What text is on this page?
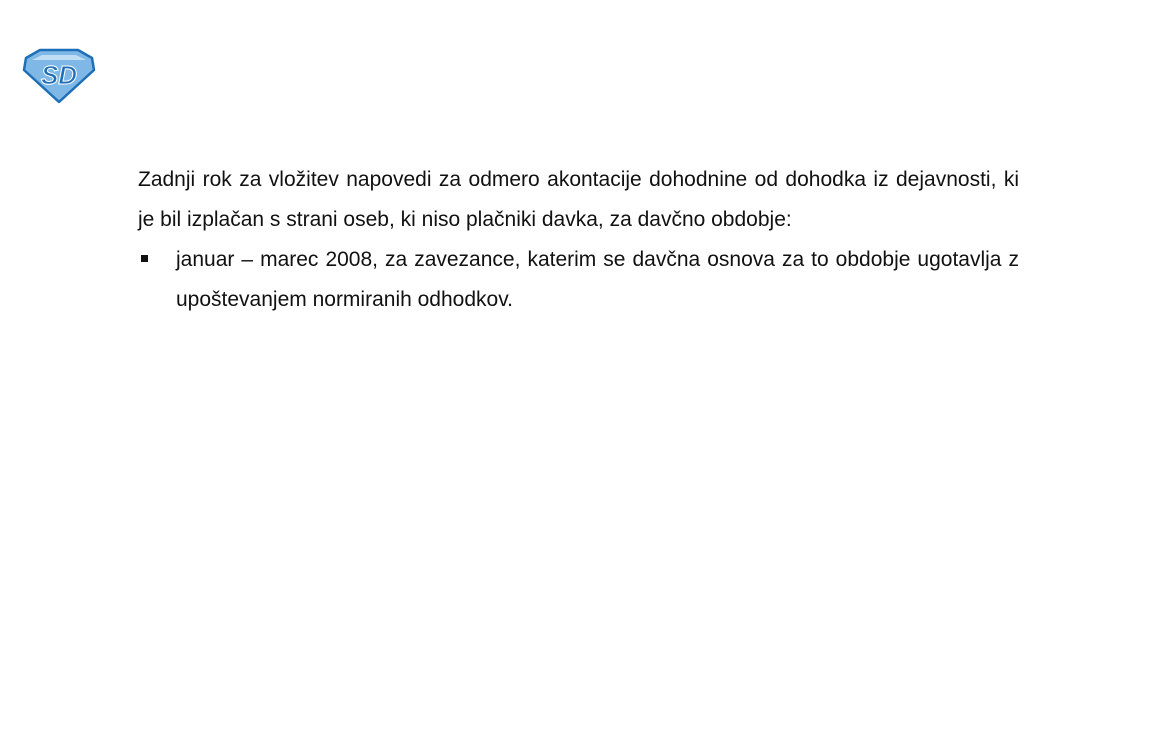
SD

Zadnji rok za vložitev napovedi za odmero akontacije dohodnine od dohodka iz dejavnosti, ki je bil izplačan s strani oseb, ki niso plačniki davka, za davčno obdobje:

januar – marec 2008, za zavezance, katerim se davčna osnova za to obdobje ugotavlja z upoštevanjem normiranih odhodkov.
